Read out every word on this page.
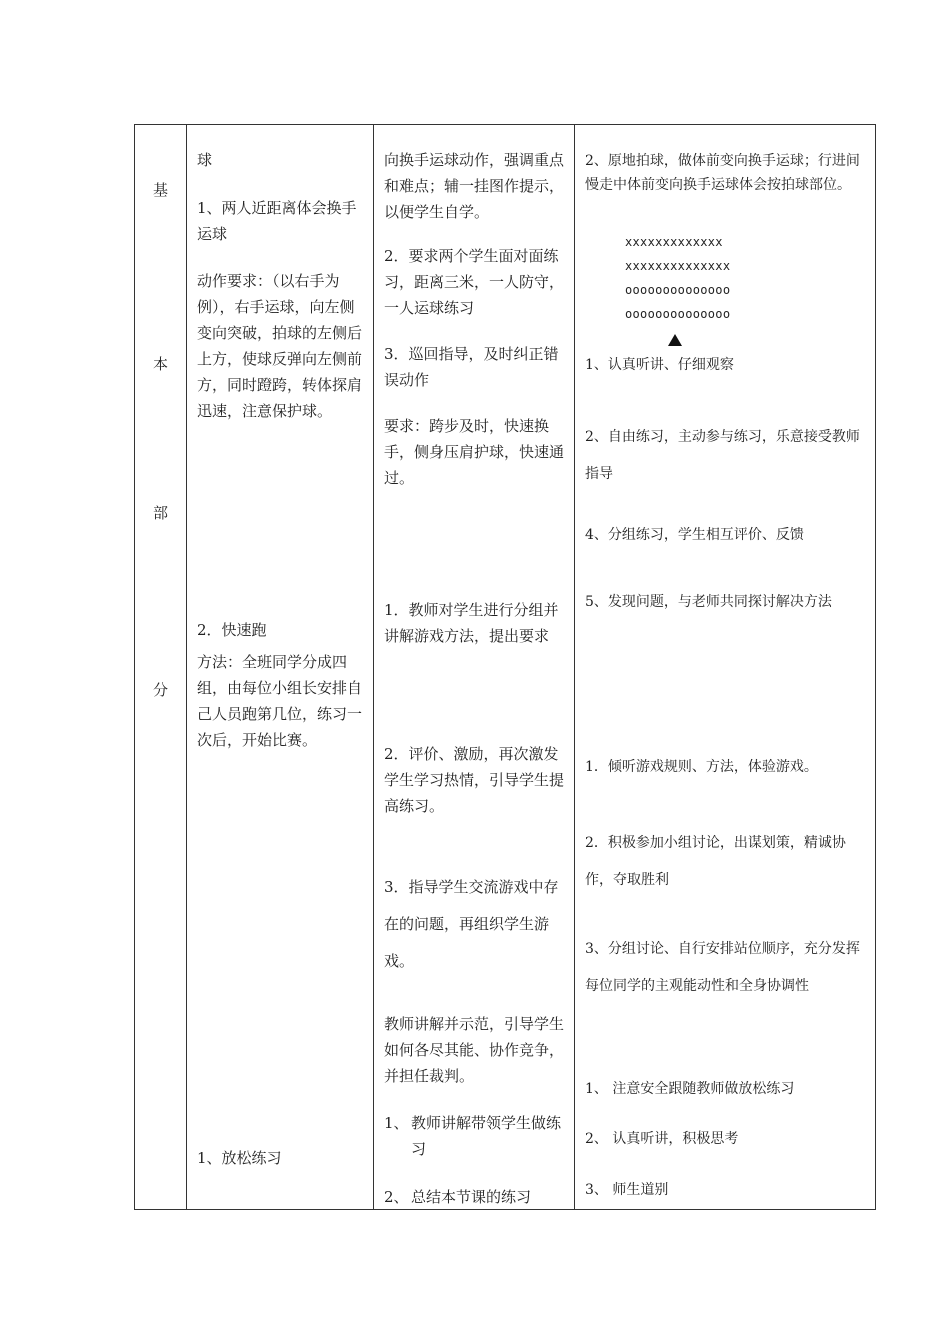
基
本
部
分

球

1、两人近距离体会换手运球

动作要求：（以右手为例），右手运球，向左侧变向突破，拍球的左侧后上方，使球反弹向左侧前方，同时蹬跨，转体探肩迅速，注意保护球。

2．快速跑

方法：全班同学分成四组，由每位小组长安排自己人员跑第几位，练习一次后，开始比赛。

1、放松练习

向换手运球动作，强调重点和难点；辅一挂图作提示，以便学生自学。

2．要求两个学生面对面练习，距离三米，一人防守，一人运球练习

3．巡回指导，及时纠正错误动作

要求：跨步及时，快速换手，侧身压肩护球，快速通过。

1．教师对学生进行分组并讲解游戏方法，提出要求

2．评价、激励，再次激发学生学习热情，引导学生提高练习。

3．指导学生交流游戏中存在的问题，再组织学生游戏。

教师讲解并示范，引导学生如何各尽其能、协作竞争，并担任裁判。

1、 教师讲解带领学生做练习

2、 总结本节课的练习

2、原地拍球，做体前变向换手运球；行进间慢走中体前变向换手运球体会按拍球部位。

xxxxxxxxxxxxx
xxxxxxxxxxxxxx
oooooooooooooo
oooooooooooooo

1、认真听讲、仔细观察

2、自由练习，主动参与练习，乐意接受教师指导

4、分组练习，学生相互评价、反馈

5、发现问题，与老师共同探讨解决方法

1．倾听游戏规则、方法，体验游戏。

2．积极参加小组讨论，出谋划策，精诚协作，夺取胜利

3、分组讨论、自行安排站位顺序，充分发挥每位同学的主观能动性和全身协调性

1、 注意安全跟随教师做放松练习

2、 认真听讲，积极思考

3、 师生道别
